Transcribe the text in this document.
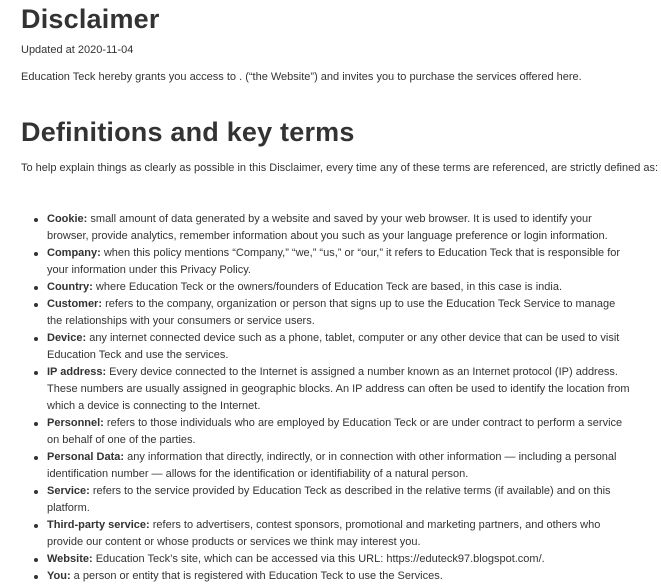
Disclaimer
Updated at 2020-11-04
Education Teck hereby grants you access to . (“the Website”) and invites you to purchase the services offered here.
Definitions and key terms
To help explain things as clearly as possible in this Disclaimer, every time any of these terms are referenced, are strictly defined as:
Cookie: small amount of data generated by a website and saved by your web browser. It is used to identify your browser, provide analytics, remember information about you such as your language preference or login information.
Company: when this policy mentions “Company,” “we,” “us,” or “our,” it refers to Education Teck that is responsible for your information under this Privacy Policy.
Country: where Education Teck or the owners/founders of Education Teck are based, in this case is india.
Customer: refers to the company, organization or person that signs up to use the Education Teck Service to manage the relationships with your consumers or service users.
Device: any internet connected device such as a phone, tablet, computer or any other device that can be used to visit Education Teck and use the services.
IP address: Every device connected to the Internet is assigned a number known as an Internet protocol (IP) address. These numbers are usually assigned in geographic blocks. An IP address can often be used to identify the location from which a device is connecting to the Internet.
Personnel: refers to those individuals who are employed by Education Teck or are under contract to perform a service on behalf of one of the parties.
Personal Data: any information that directly, indirectly, or in connection with other information — including a personal identification number — allows for the identification or identifiability of a natural person.
Service: refers to the service provided by Education Teck as described in the relative terms (if available) and on this platform.
Third-party service: refers to advertisers, contest sponsors, promotional and marketing partners, and others who provide our content or whose products or services we think may interest you.
Website: Education Teck’s site, which can be accessed via this URL: https://eduteck97.blogspot.com/.
You: a person or entity that is registered with Education Teck to use the Services.
